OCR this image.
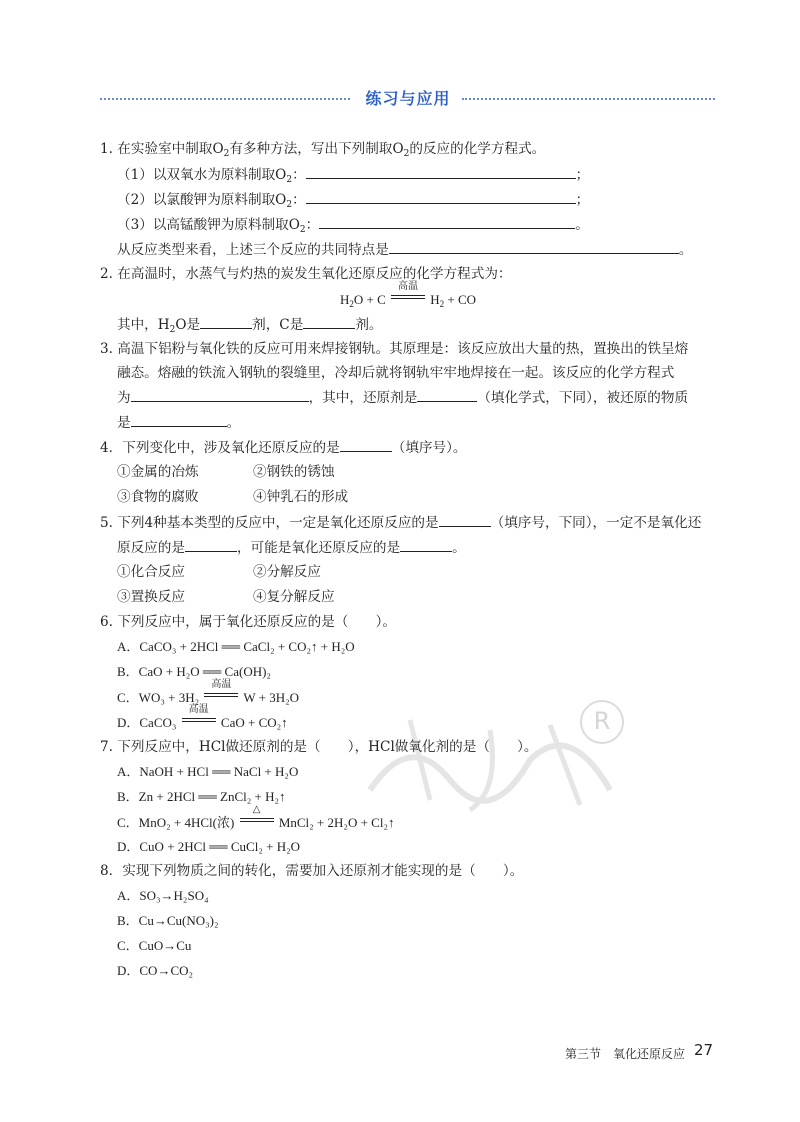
练习与应用
R
1. 在实验室中制取$O_2$有多种方法，写出下列制取$O_2$的反应的化学方程式。
（1）以双氧水为原料制取$O_2$：	；
（2）以氯酸钾为原料制取$O_2$：	；
（3）以高锰酸钾为原料制取$O_2$：	。
从反应类型来看，上述三个反应的共同特点是	。
2. 在高温时，水蒸气与灼热的炭发生氧化还原反应的化学方程式为：
$H_2O + C$
高温
$H_2$ + CO
其中，$H_2O$是	剂，C是	剂。
3. 高温下铝粉与氧化铁的反应可用来焊接钢轨。其原理是：该反应放出大量的热，置换出的铁呈熔
融态。熔融的铁流入钢轨的裂缝里，冷却后就将钢轨牢牢地焊接在一起。该反应的化学方程式
为	，其中，还原剂是	（填化学式，下同），被还原的物质
是	。
4．下列变化中，涉及氧化还原反应的是	（填序号）。
①金属的冶炼	②钢铁的锈蚀
③食物的腐败	④钟乳石的形成
5. 下列4种基本类型的反应中，一定是氧化还原反应的是	（填序号，下同），一定不是氧化还
原反应的是	，可能是氧化还原反应的是	。
①化合反应	②分解反应
③置换反应	④复分解反应
6. 下列反应中，属于氧化还原反应的是（　　）。
A．CaCO₃ + 2HCl ══ CaCl₂ + CO₂↑ + H₂O
B．CaO + H₂O ══ Ca(OH)₂
C．WO₃ + 3H₂
高温
W + 3H₂O
D．CaCO₃
高温
CaO + CO₂↑
7. 下列反应中，HCl做还原剂的是（　　），HCl做氧化剂的是（　　）。
A．NaOH + HCl ══ NaCl + H₂O
B．Zn + 2HCl ══ ZnCl₂ + H₂↑
C．MnO₂ + 4HCl(浓)
△
MnCl₂ + 2H₂O + Cl₂↑
D．CuO + 2HCl ══ CuCl₂ + H₂O
8．实现下列物质之间的转化，需要加入还原剂才能实现的是（　　）。
A．SO₃→H₂SO₄
B．Cu→Cu(NO₃)₂
C．CuO→Cu
D．CO→CO₂
第三节　氧化还原反应 27
